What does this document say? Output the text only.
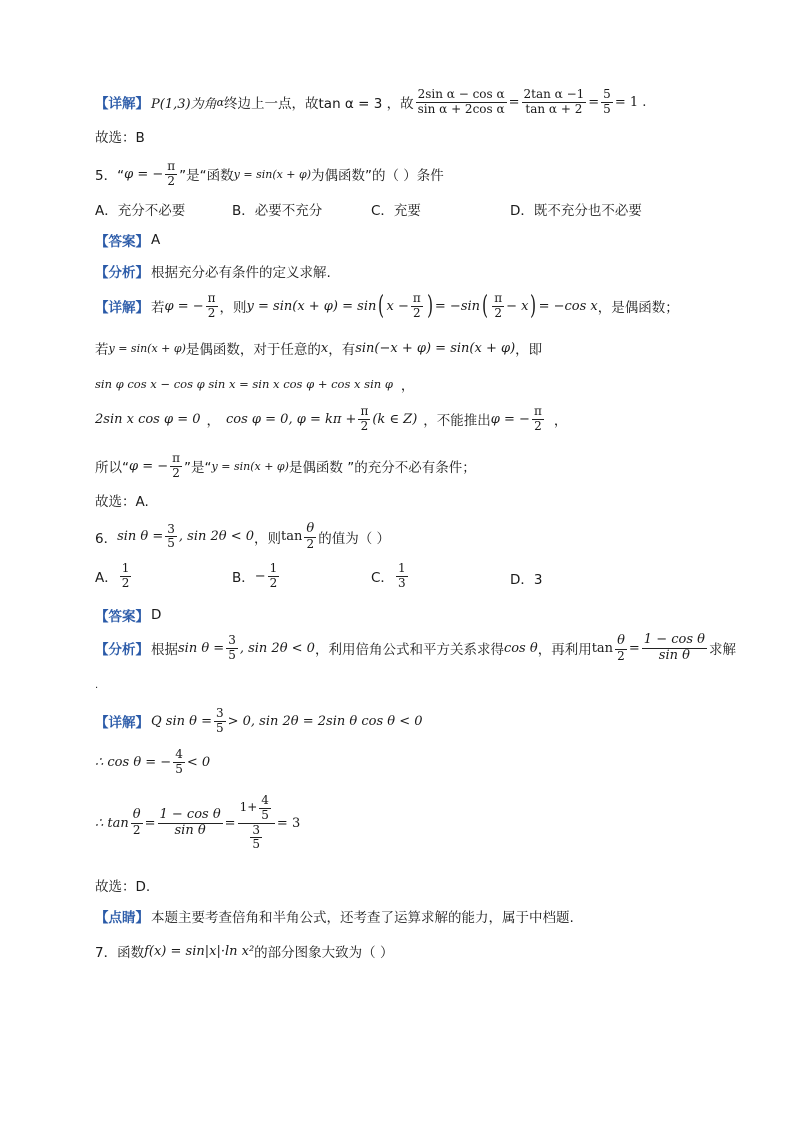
【详解】 P(1,3)为角 α 终边上一点，故tan α = 3 ，故 $\frac{\text{2sin α − cos α}}{\text{sin α + 2cos α}} = \frac{\text{2tan α −1}}{\text{tan α + 2}} = \frac{5}{5} = 1$ .
故选：B
5．“ φ = − $\frac{\pi}{2}$ ”是“函数 y = sin(x + φ) 为偶函数”的（ ）条件
A．充分不必要	B．必要不充分	C．充要	D．既不充分也不必要
【答案】 A
【分析】 根据充分必有条件的定义求解.
【详解】 若 φ = − $\frac{\pi}{2}$ ，则 y = sin(x + φ) = sin ( $x - \frac{\pi}{2}$ ) = −sin ( $\frac{\pi}{2} - x$ ) = −cos x ，是偶函数；
若 y = sin(x + φ) 是偶函数，对于任意的 x ，有 sin(−x + φ) = sin(x + φ) ，即
sin φ cos x − cos φ sin x = sin x cos φ + cos x sin φ ，
2sin x cos φ = 0 ， cos φ = 0, $\varphi = k\pi + \frac{\pi}{2} (k$ ∈ Z) ，不能推出 φ = − $\frac{\pi}{2}$ ，
所以“ φ = − $\frac{\pi}{2}$ ”是“ y = sin(x + φ) 是偶函数 ”的充分不必有条件；
故选：A.
6． $\sin \theta = \frac{3}{5}$ , sin 2θ < 0 ，则 $\tan \frac{\theta}{2}$ 的值为（ ）
A． $\frac{1}{2}$	B． − $\frac{1}{2}$	C． $\frac{1}{3}$	D．3
【答案】 D
【分析】 根据 $\sin \theta = \frac{3}{5}$ , sin 2θ < 0 ，利用倍角公式和平方关系求得 cos θ ，再利用 $\tan \frac{\theta}{2} = \frac{\text{1 − cos θ}}{\text{sin θ}}$ 求解
.
【详解】 Q $\sin \theta = \frac{3}{5} > 0$, sin 2θ = 2sin θ cos θ < 0
∴ cos θ = − $\frac{4}{5} < 0$
∴ $\tan \frac{\theta}{2} = \frac{\text{1 − cos θ}}{\text{sin θ}} = \frac{1+ \frac{4}{5}}{\frac{3}{5}} = 3$
故选：D.
【点睛】 本题主要考查倍角和半角公式，还考查了运算求解的能力，属于中档题.
7．函数 f(x) = sin|x|·ln x² 的部分图象大致为（ ）
